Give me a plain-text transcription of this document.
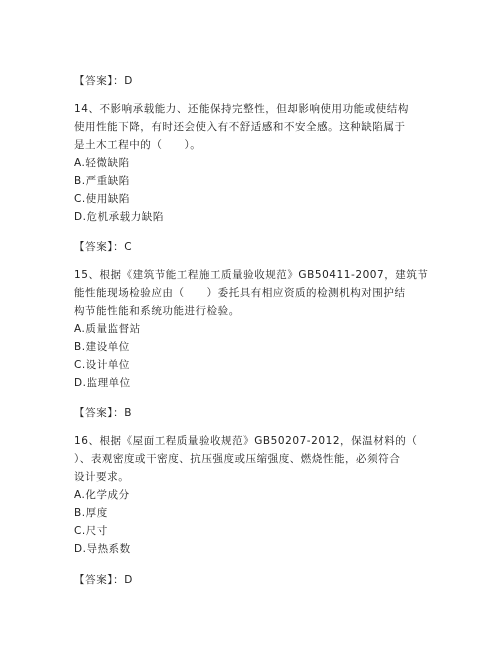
【答案】：D
14、不影响承载能力、还能保持完整性，但却影响使用功能或使结构
使用性能下降，有时还会使入有不舒适感和不安全感。这种缺陷属于
是土木工程中的（　　）。
A.轻微缺陷
B.严重缺陷
C.使用缺陷
D.危机承载力缺陷
【答案】：C
15、根据《建筑节能工程施工质量验收规范》GB50411-2007，建筑节
能性能现场检验应由（　　）委托具有相应资质的检测机构对围护结
构节能性能和系统功能进行检验。
A.质量监督站
B.建设单位
C.设计单位
D.监理单位
【答案】：B
16、根据《屋面工程质量验收规范》GB50207-2012，保温材料的（
）、表观密度或干密度、抗压强度或压缩强度、燃烧性能，必须符合
设计要求。
A.化学成分
B.厚度
C.尺寸
D.导热系数
【答案】：D
